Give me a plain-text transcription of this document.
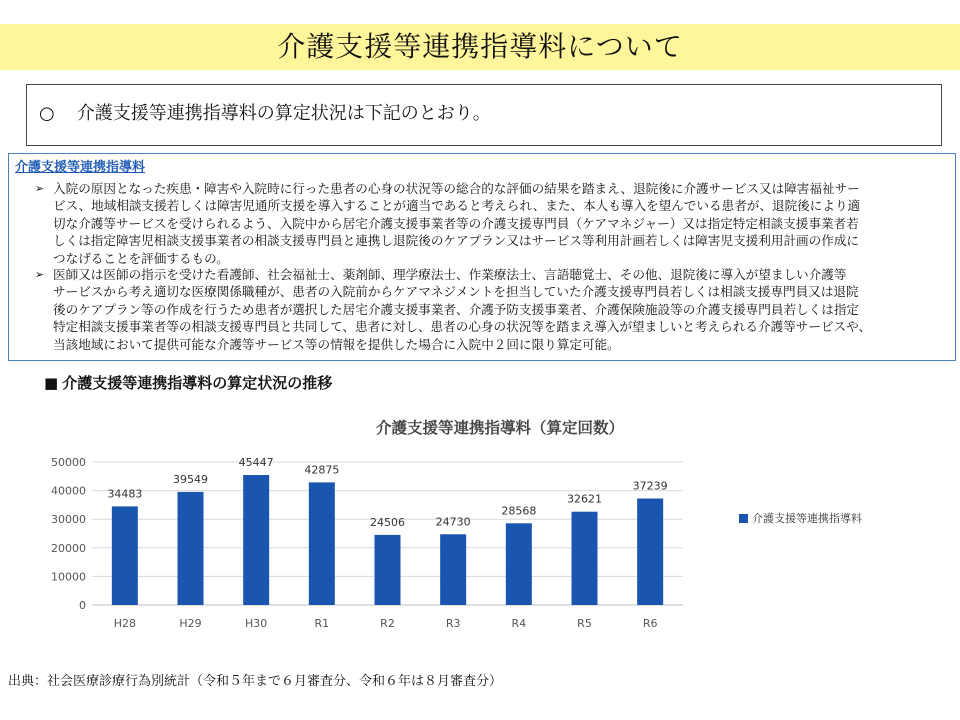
介護支援等連携指導料について
○ 介護支援等連携指導料の算定状況は下記のとおり。
介護支援等連携指導料
➢ 入院の原因となった疾患・障害や入院時に行った患者の心身の状況等の総合的な評価の結果を踏まえ、退院後に介護サービス又は障害福祉サー
ビス、地域相談支援若しくは障害児通所支援を導入することが適当であると考えられ、また、本人も導入を望んでいる患者が、退院後により適
切な介護等サービスを受けられるよう、入院中から居宅介護支援事業者等の介護支援専門員（ケアマネジャー）又は指定特定相談支援事業者若
しくは指定障害児相談支援事業者の相談支援専門員と連携し退院後のケアプラン又はサービス等利用計画若しくは障害児支援利用計画の作成に
つなげることを評価するもの。
➢ 医師又は医師の指示を受けた看護師、社会福祉士、薬剤師、理学療法士、作業療法士、言語聴覚士、その他、退院後に導入が望ましい介護等
サービスから考え適切な医療関係職種が、患者の入院前からケアマネジメントを担当していた介護支援専門員若しくは相談支援専門員又は退院
後のケアプラン等の作成を行うため患者が選択した居宅介護支援事業者、介護予防支援事業者、介護保険施設等の介護支援専門員若しくは指定
特定相談支援事業者等の相談支援専門員と共同して、患者に対し、患者の心身の状況等を踏まえ導入が望ましいと考えられる介護等サービスや、
当該地域において提供可能な介護等サービス等の情報を提供した場合に入院中２回に限り算定可能。
■ 介護支援等連携指導料の算定状況の推移
介護支援等連携指導料（算定回数）
0
10000
20000
30000
40000
50000
34483
H28
39549
H29
45447
H30
42875
R1
24506
R2
24730
R3
28568
R4
32621
R5
37239
R6
介護支援等連携指導料
出典：社会医療診療行為別統計（令和５年まで６月審査分、令和６年は８月審査分）
